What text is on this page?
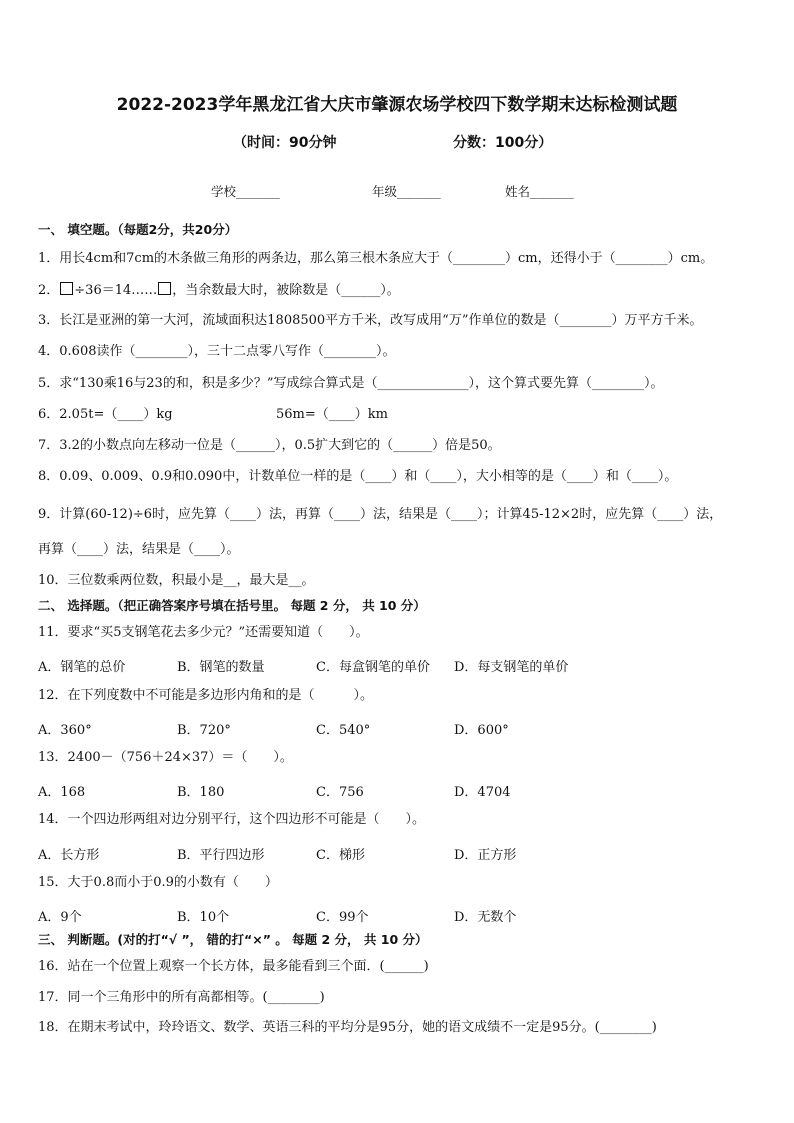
2022-2023学年黑龙江省大庆市肇源农场学校四下数学期末达标检测试题
（时间：90分钟	分数：100分）
学校_______	年级_______	姓名_______
一、 填空题。（每题2分，共20分）
1．用长4cm和7cm的木条做三角形的两条边，那么第三根木条应大于（________）cm，还得小于（________）cm。
2． ÷36＝14…… ，当余数最大时，被除数是（______）。
3．长江是亚洲的第一大河，流域面积达1808500平方千米，改写成用“万”作单位的数是（________）万平方千米。
4．0.608读作（________），三十二点零八写作（________）。
5．求“130乘16与23的和，积是多少？”写成综合算式是（______________），这个算式要先算（________）。
6．2.05t=（____）kg	56m=（____）km
7．3.2的小数点向左移动一位是（______），0.5扩大到它的（______）倍是50。
8．0.09、0.009、0.9和0.090中，计数单位一样的是（____）和（____），大小相等的是（____）和（____）。
9．计算(60-12)÷6时，应先算（____）法，再算（____）法，结果是（____）；计算45-12×2时，应先算（____）法，
再算（____）法，结果是（____）。
10．三位数乘两位数，积最小是__，最大是__。
二、 选择题。（把正确答案序号填在括号里。 每题 2 分， 共 10 分）
11．要求“买5支钢笔花去多少元？”还需要知道（　　）。
A．钢笔的总价	B．钢笔的数量	C．每盒钢笔的单价 D．每支钢笔的单价
12．在下列度数中不可能是多边形内角和的是（　　　）。
A．360°	B．720°	C．540°	D．600°
13．2400－（756＋24×37）＝（　　）。
A．168	B．180	C．756	D．4704
14．一个四边形两组对边分别平行，这个四边形不可能是（　　）。
A．长方形	B．平行四边形	C．梯形	D．正方形
15．大于0.8而小于0.9的小数有（　　）
A．9个	B．10个	C．99个	D．无数个
三、 判断题。(对的打“√ ”， 错的打“×” 。 每题 2 分， 共 10 分）
16．站在一个位置上观察一个长方体，最多能看到三个面．(______)
17．同一个三角形中的所有高都相等。(________)
18．在期末考试中，玲玲语文、数学、英语三科的平均分是95分，她的语文成绩不一定是95分。(________)
